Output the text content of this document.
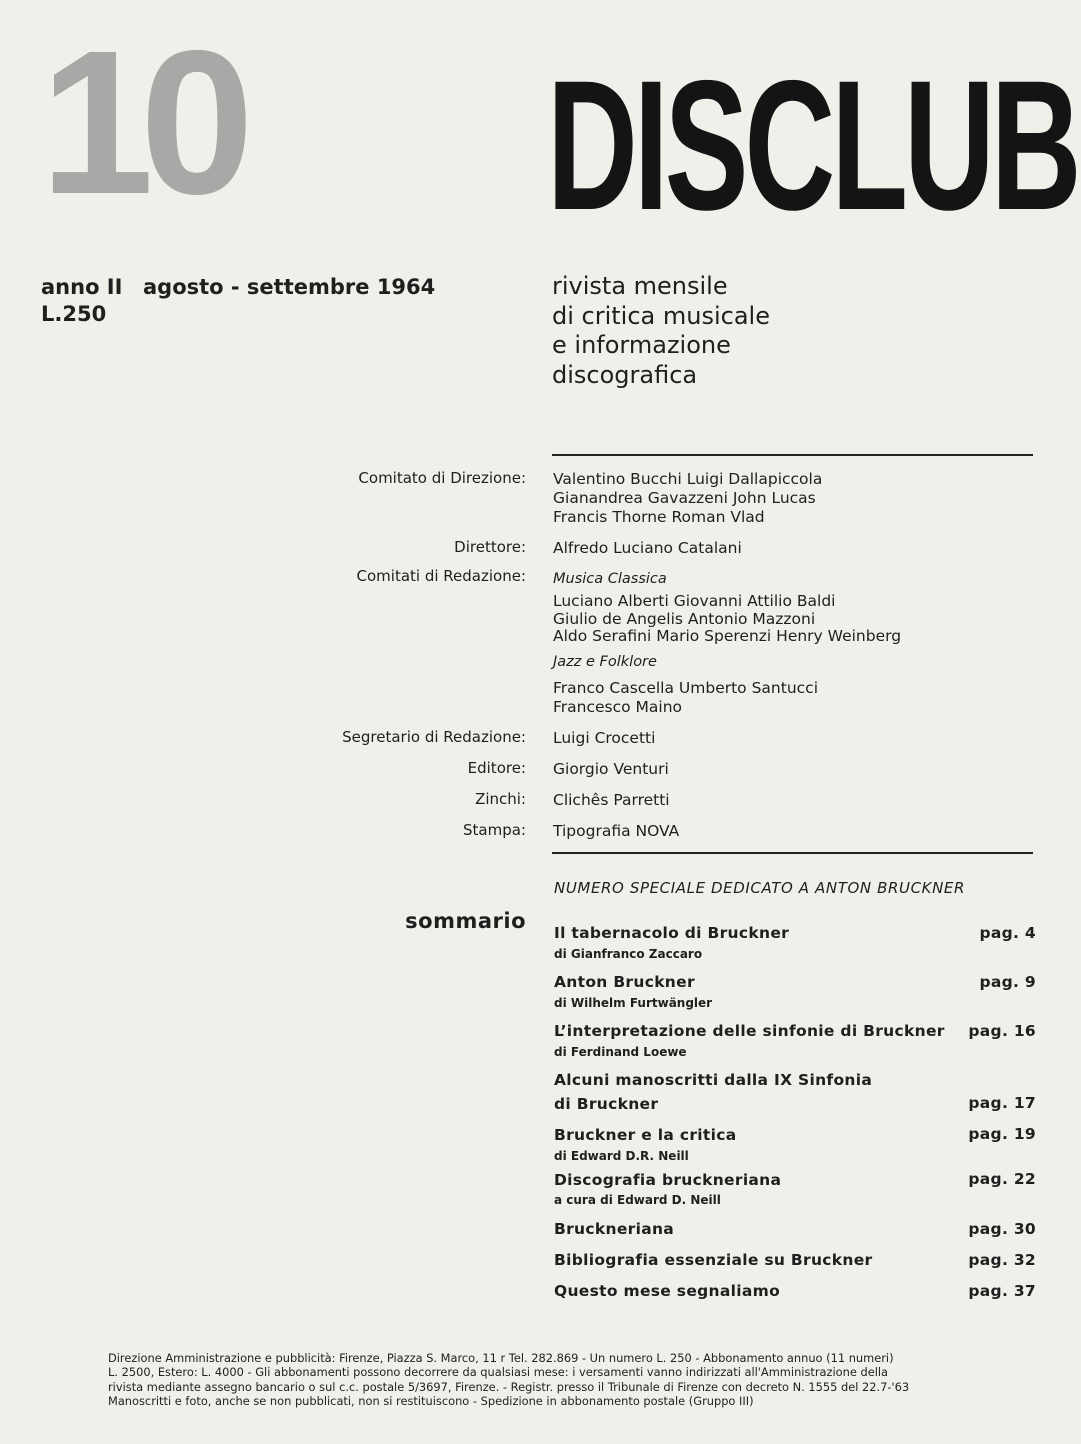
10 DISCLUB
anno II agosto - settembre 1964
L.250
rivista mensile
di critica musicale
e informazione
discografica
Comitato di Direzione: Valentino Bucchi Luigi Dallapiccola
Gianandrea Gavazzeni John Lucas
Francis Thorne Roman Vlad
Direttore: Alfredo Luciano Catalani
Comitati di Redazione: Musica Classica
Luciano Alberti Giovanni Attilio Baldi
Giulio de Angelis Antonio Mazzoni
Aldo Serafini Mario Sperenzi Henry Weinberg
Jazz e Folklore
Franco Cascella Umberto Santucci
Francesco Maino
Segretario di Redazione: Luigi Crocetti
Editore: Giorgio Venturi
Zinchi: Clichês Parretti
Stampa: Tipografia NOVA
NUMERO SPECIALE DEDICATO A ANTON BRUCKNER
sommario Il tabernacolo di Bruckner	pag. 4
di Gianfranco Zaccaro
Anton Bruckner	pag. 9
di Wilhelm Furtwängler
L’interpretazione delle sinfonie di Bruckner pag. 16
di Ferdinand Loewe
Alcuni manoscritti dalla IX Sinfonia
di Bruckner	pag. 17
Bruckner e la critica	pag. 19
di Edward D.R. Neill
Discografia bruckneriana	pag. 22
a cura di Edward D. Neill
Bruckneriana	pag. 30
Bibliografia essenziale su Bruckner	pag. 32
Questo mese segnaliamo	pag. 37
Direzione Amministrazione e pubblicità: Firenze, Piazza S. Marco, 11 r Tel. 282.869 - Un numero L. 250 - Abbonamento annuo (11 numeri)
L. 2500, Estero: L. 4000 - Gli abbonamenti possono decorrere da qualsiasi mese: i versamenti vanno indirizzati all'Amministrazione della
rivista mediante assegno bancario o sul c.c. postale 5/3697, Firenze. - Registr. presso il Tribunale di Firenze con decreto N. 1555 del 22.7-'63
Manoscritti e foto, anche se non pubblicati, non si restituiscono - Spedizione in abbonamento postale (Gruppo III)
